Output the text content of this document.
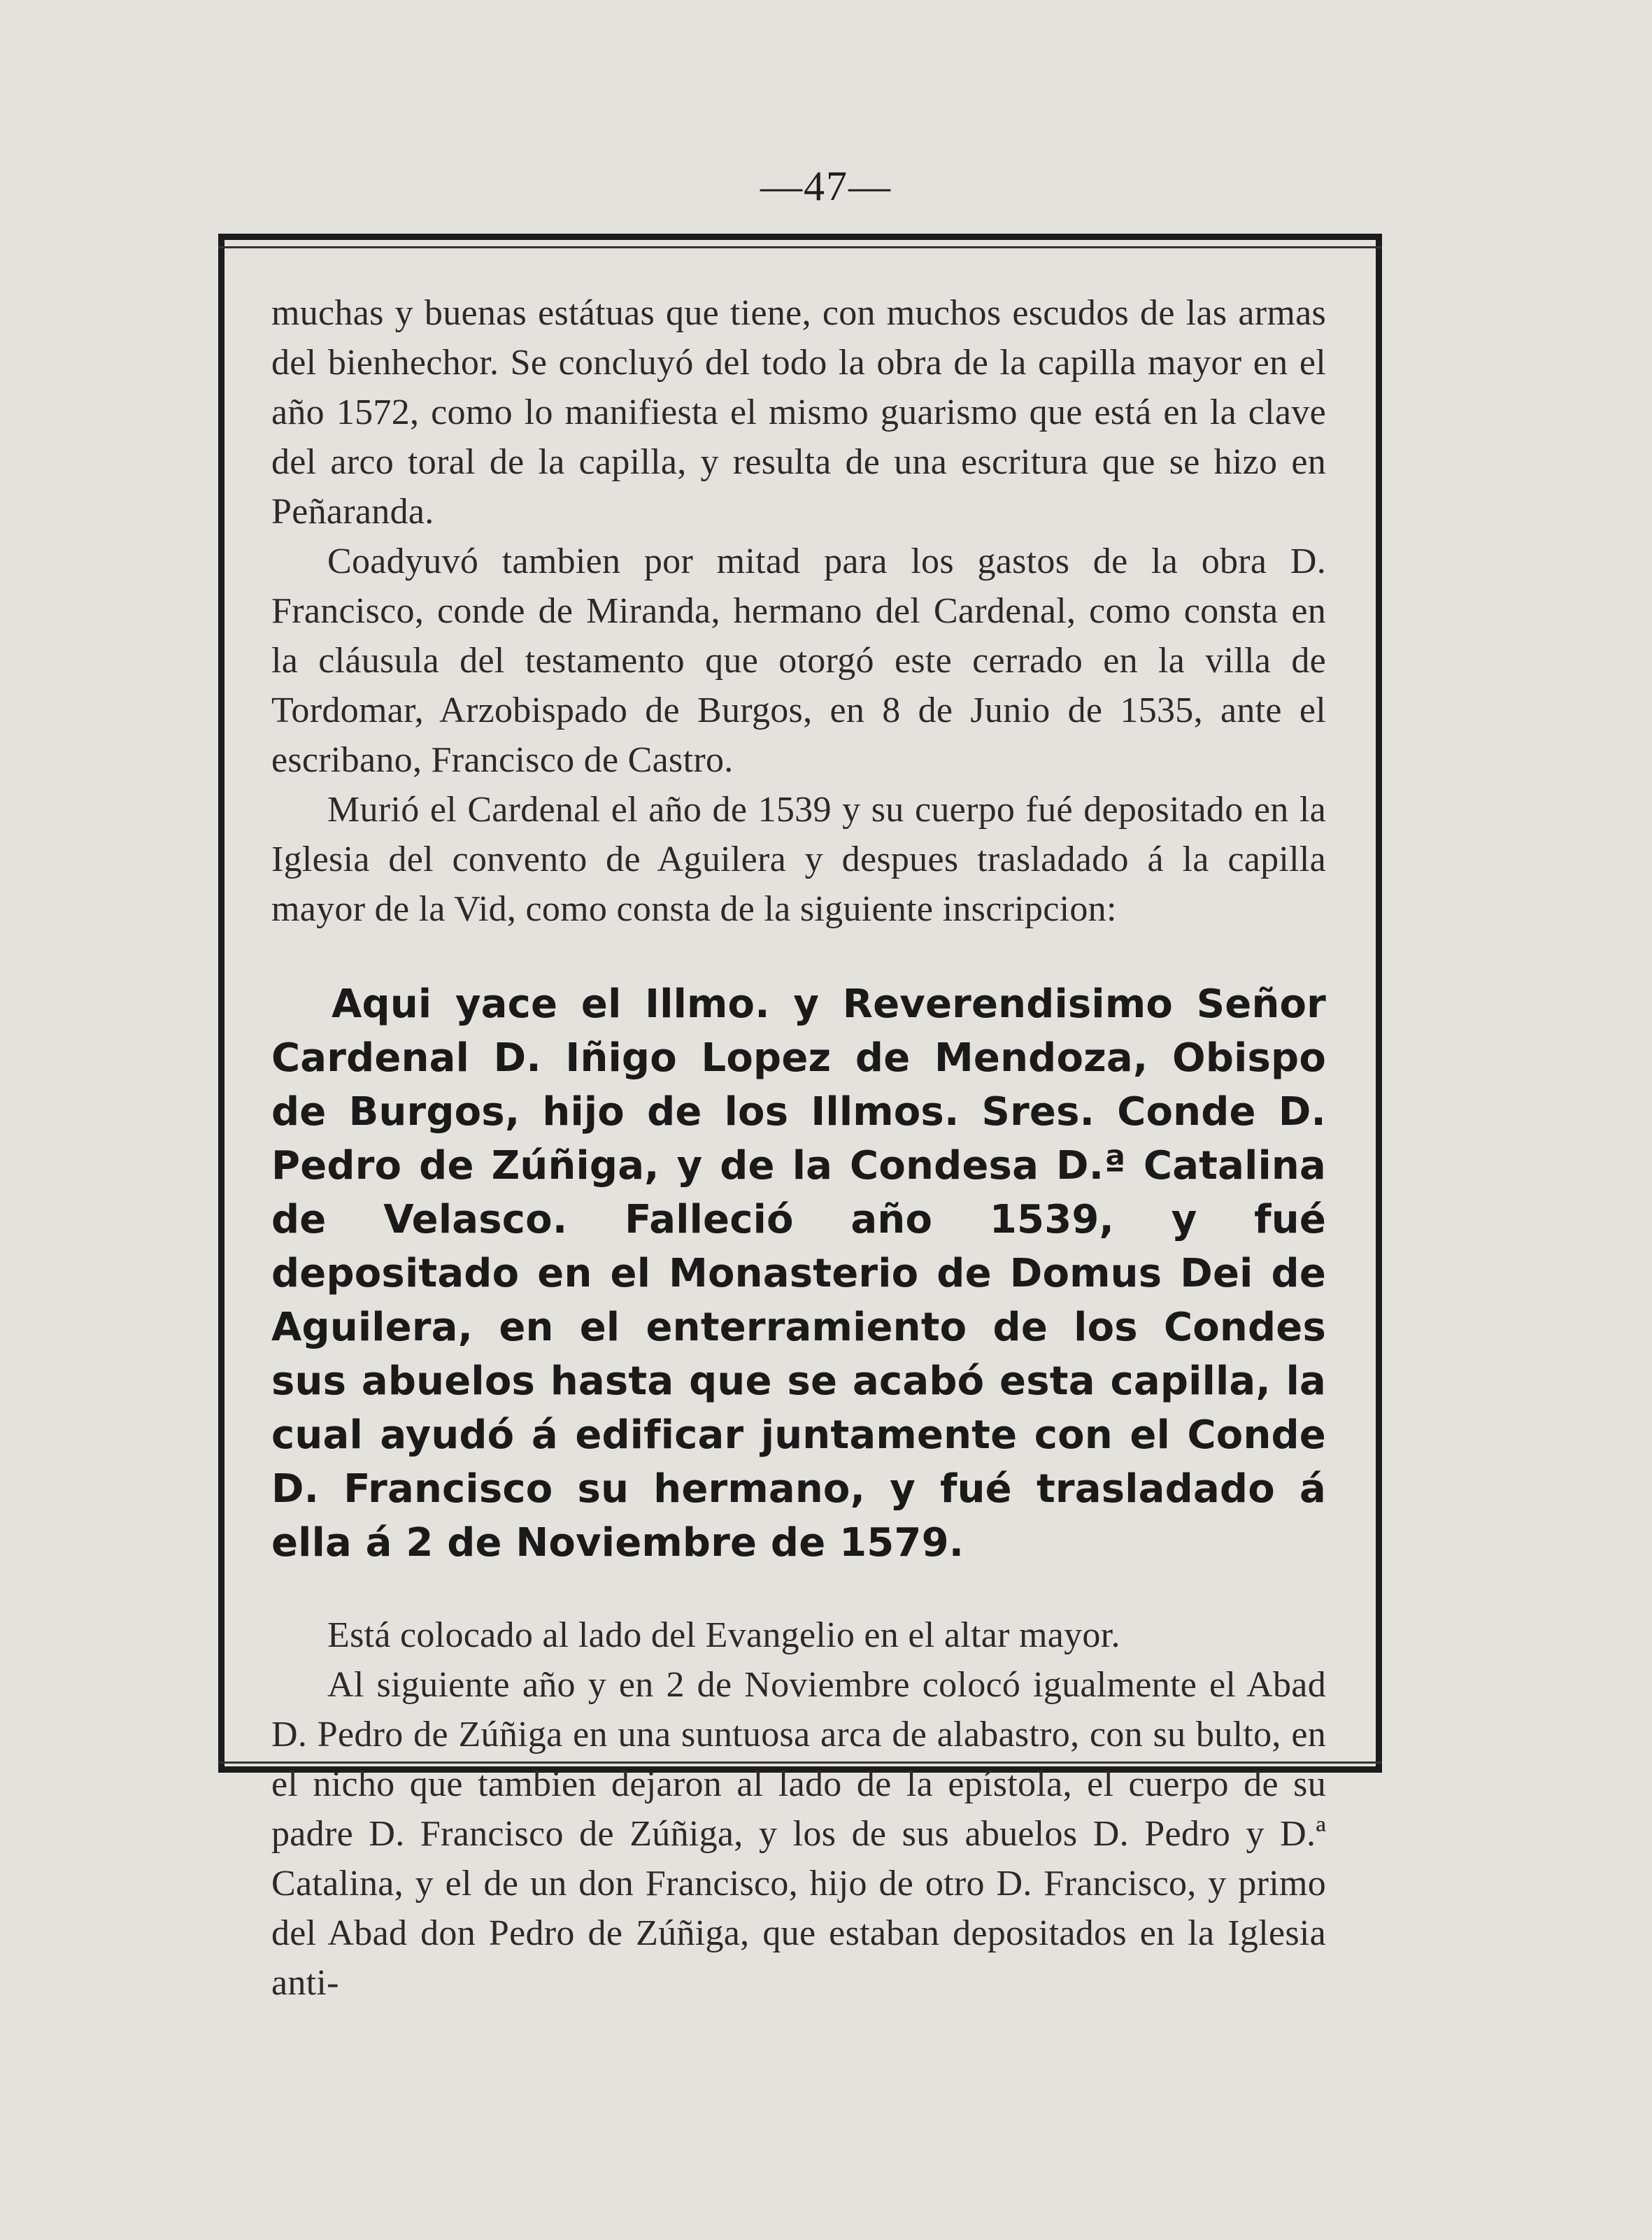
—47—

muchas y buenas estátuas que tiene, con muchos escudos de las armas del bienhechor. Se concluyó del todo la obra de la capilla mayor en el año 1572, como lo manifiesta el mismo guarismo que está en la clave del arco toral de la capilla, y resulta de una escritura que se hizo en Peñaranda.

Coadyuvó tambien por mitad para los gastos de la obra D. Francisco, conde de Miranda, hermano del Cardenal, como consta en la cláusula del testamento que otorgó este cerrado en la villa de Tordomar, Arzobispado de Burgos, en 8 de Junio de 1535, ante el escribano, Francisco de Castro.

Murió el Cardenal el año de 1539 y su cuerpo fué depositado en la Iglesia del convento de Aguilera y despues trasladado á la capilla mayor de la Vid, como consta de la siguiente inscripcion:

Aqui yace el Illmo. y Reverendisimo Señor Cardenal D. Iñigo Lopez de Mendoza, Obispo de Burgos, hijo de los Illmos. Sres. Conde D. Pedro de Zúñiga, y de la Condesa D.ª Catalina de Velasco. Falleció año 1539, y fué depositado en el Monasterio de Domus Dei de Aguilera, en el enterramiento de los Condes sus abuelos hasta que se acabó esta capilla, la cual ayudó á edificar juntamente con el Conde D. Francisco su hermano, y fué trasladado á ella á 2 de Noviembre de 1579.

Está colocado al lado del Evangelio en el altar mayor.

Al siguiente año y en 2 de Noviembre colocó igualmente el Abad D. Pedro de Zúñiga en una suntuosa arca de alabastro, con su bulto, en el nicho que tambien dejaron al lado de la epístola, el cuerpo de su padre D. Francisco de Zúñiga, y los de sus abuelos D. Pedro y D.ª Catalina, y el de un don Francisco, hijo de otro D. Francisco, y primo del Abad don Pedro de Zúñiga, que estaban depositados en la Iglesia anti-
